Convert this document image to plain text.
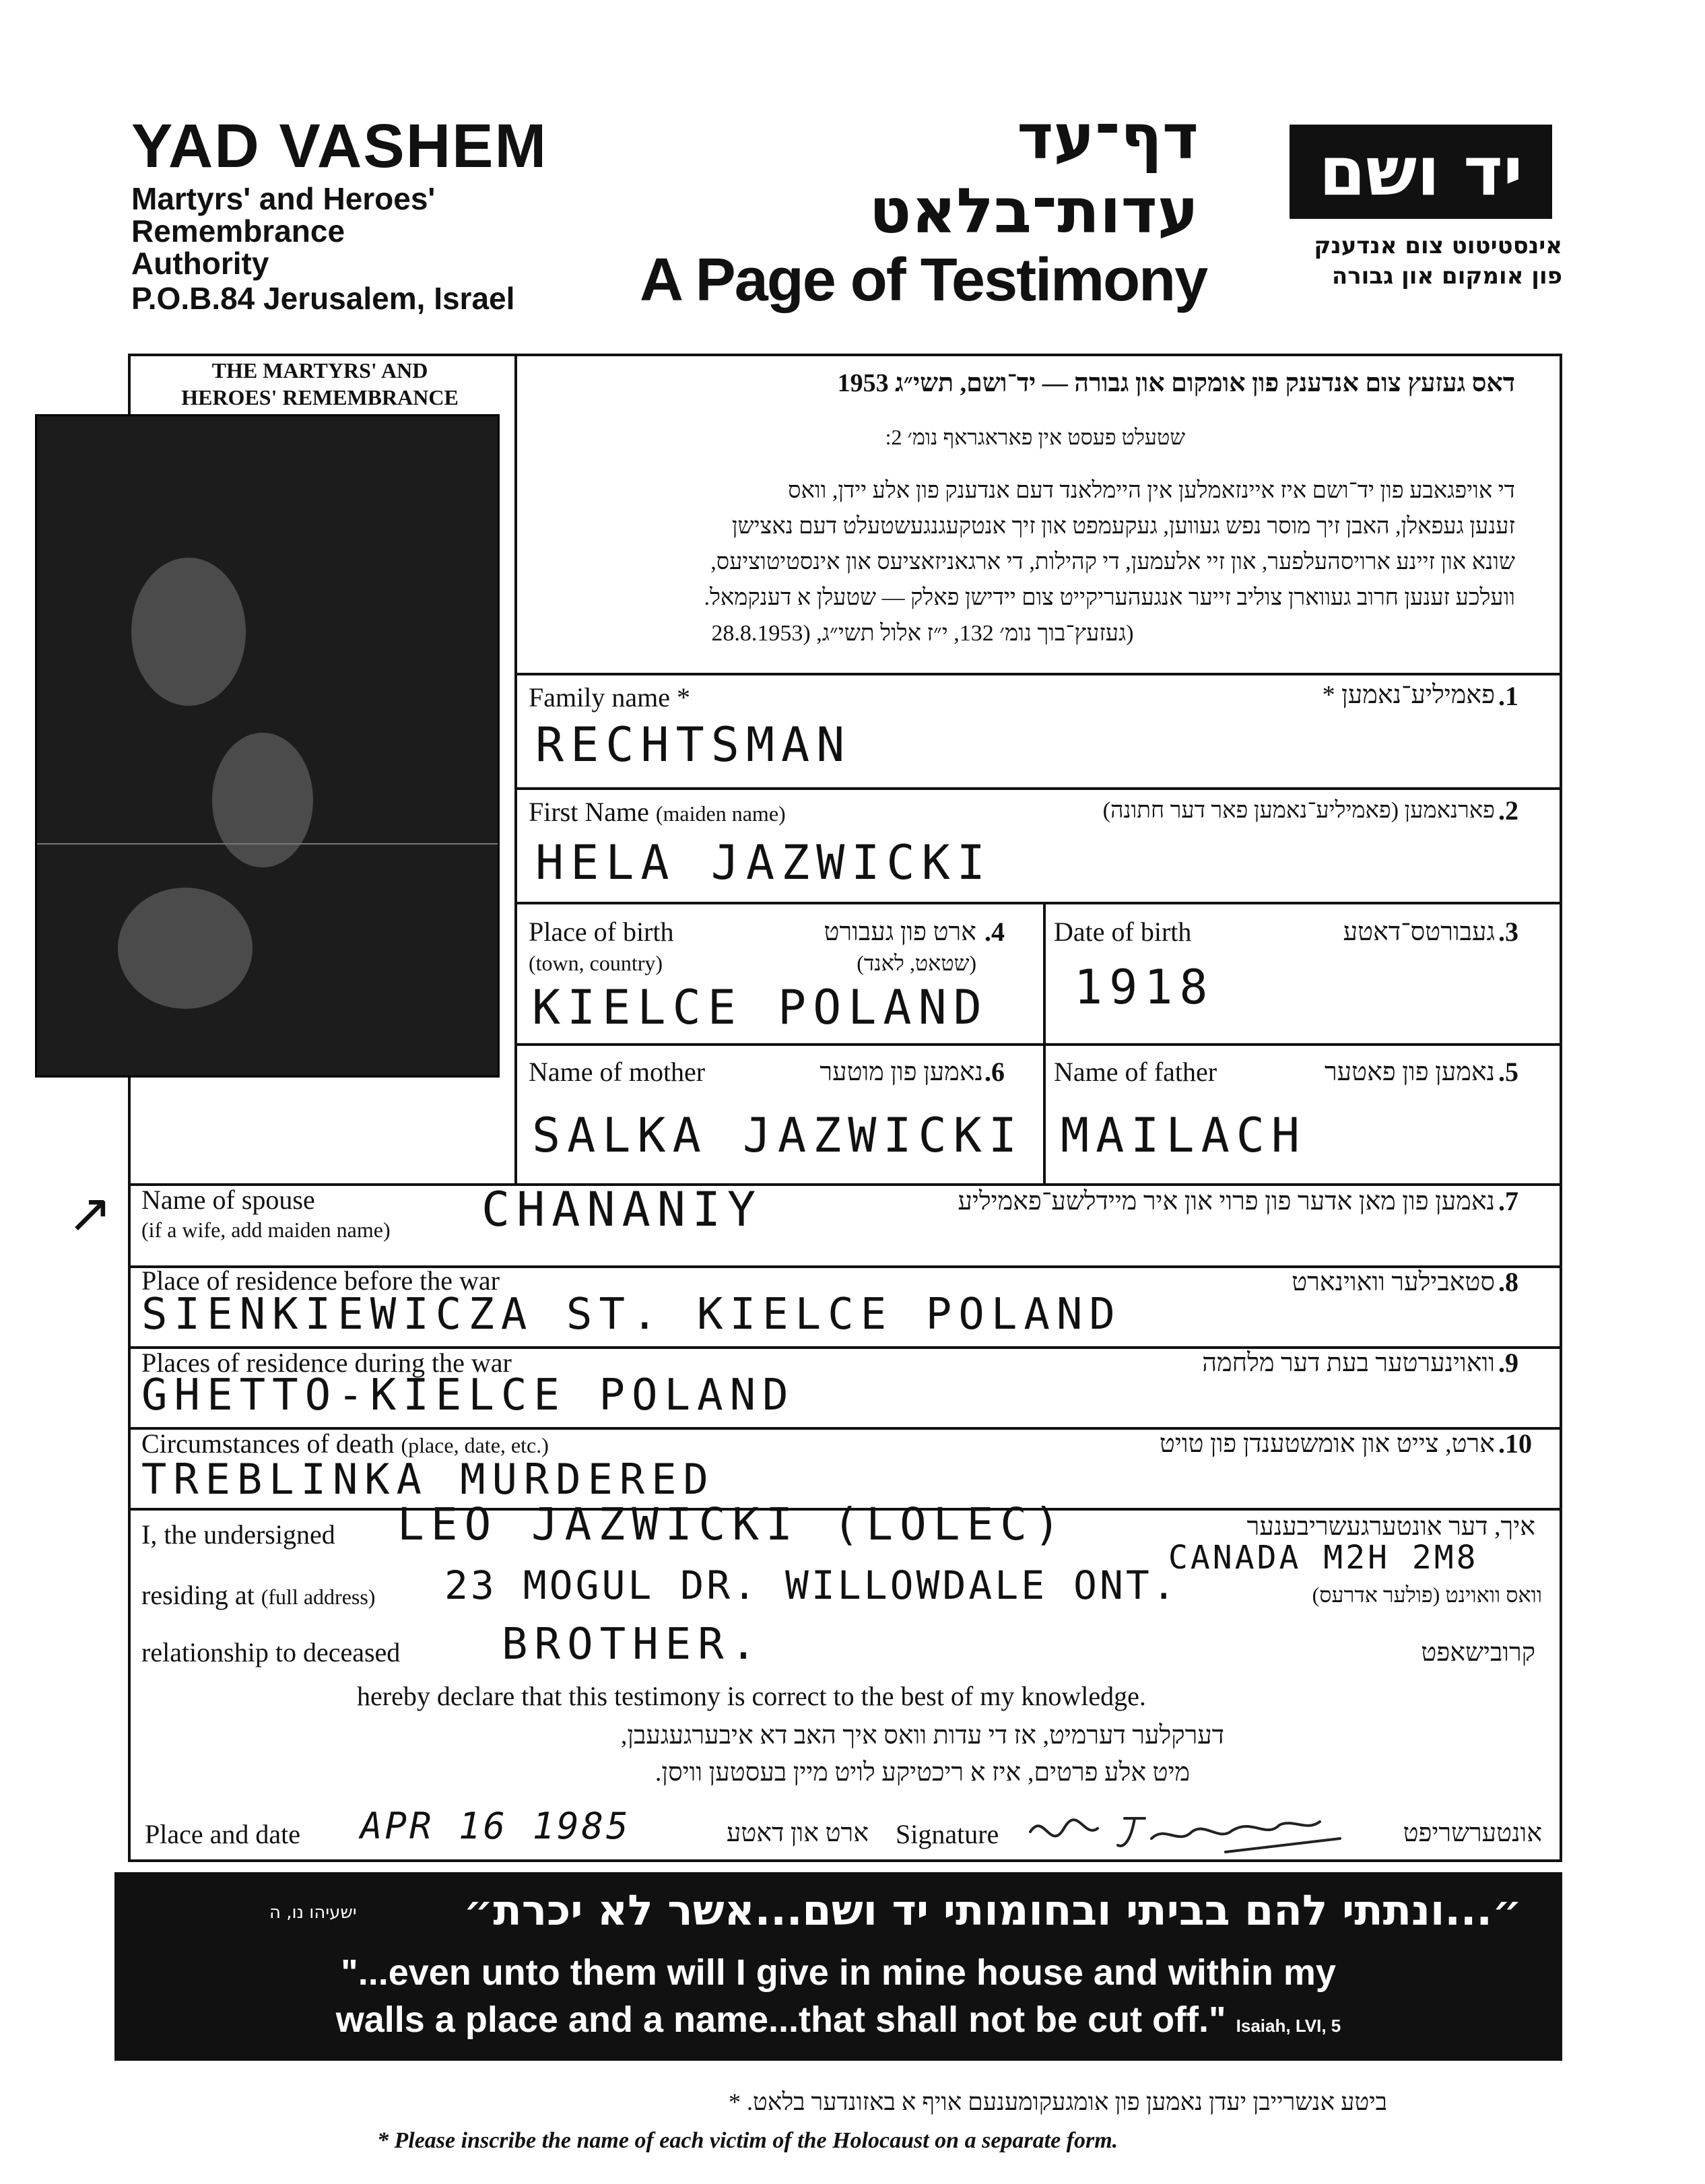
YAD VASHEM
Martyrs' and Heroes'
Remembrance
Authority
P.O.B.84 Jerusalem, Israel
דף־עד
עדות־בלאט
A Page of Testimony
יד ושם
אינסטיטוט צום אנדענק
פון אומקום און גבורה
THE MARTYRS' AND
HEROES' REMEMBRANCE	דאס געזעץ צום אנדענק פון אומקום און גבורה — יד־ושם, תשי״ג 1953
שטעלט פעסט אין פאראגראף נומ׳ 2:
די אויפגאבע פון יד־ושם איז איינזאמלען אין היימלאנד דעם אנדענק פון אלע יידן, וואס
זענען געפאלן, האבן זיך מוסר נפש געווען, געקעמפט און זיך אנטקעגנגעשטעלט דעם נאצישן
שונא און זיינע ארויסהעלפער, און זיי אלעמען, די קהילות, די ארגאניזאציעס און אינסטיטוציעס,
וועלכע זענען חרוב געווארן צוליב זייער אנגעהעריקייט צום יידישן פאלק — שטעלן א דענקמאל.
(געזעץ־בוך נומ׳ 132, י״ז אלול תשי״ג, (28.8.1953
Family name *	פאמיליע־נאמען * .1
RECHTSMAN
First Name (maiden name)	פארנאמען (פאמיליע־נאמען פאר דער חתונה) .2
HELA JAZWICKI
Place of birth
(town, country)
ארט פון געבורט
(שטאט, לאנד)
.4
KIELCE POLAND
Date of birth	געבורטס־דאטע .3
1918
Name of mother	נאמען פון מוטער .6
SALKA JAZWICKI
Name of father	נאמען פון פאטער .5
MAILACH
Name of spouse
(if a wife, add maiden name) CHANANIY	נאמען פון מאן אדער פון פרוי און איר מיידלשע־פאמיליע .7
Place of residence before the war	סטאבילער וואוינארט .8
SIENKIEWICZA ST. KIELCE POLAND
Places of residence during the war	וואוינערטער בעת דער מלחמה .9
GHETTO-KIELCE POLAND
Circumstances of death (place, date, etc.)	ארט, צייט און אומשטענדן פון טויט .10
TREBLINKA MURDERED
I, the undersigned LEO JAZWICKI (LOLEC)	איך, דער אונטערגעשריבענער
residing at (full address) 23 MOGUL DR. WILLOWDALE ONT.
CANADA M2H 2M8
וואס וואוינט (פולער אדרעס)
relationship to deceased BROTHER.	קרובישאפט
hereby declare that this testimony is correct to the best of my knowledge.
דערקלער דערמיט, אז די עדות וואס איך האב דא איבערגעגעבן,
מיט אלע פרטים, איז א ריכטיקע לויט מיין בעסטען וויסן.
Place and date APR 16 1985	ארט און דאטע Signature	אונטערשריפט
״...ונתתי להם בביתי ובחומותי יד ושם...אשר לא יכרת״
ישעיהו נו, ה
"...even unto them will I give in mine house and within my
walls a place and a name...that shall not be cut off." Isaiah, LVI, 5
ביטע אנשרייבן יעדן נאמען פון אומגעקומענעם אויף א באזונדער בלאט. *
* Please inscribe the name of each victim of the Holocaust on a separate form.
↗
